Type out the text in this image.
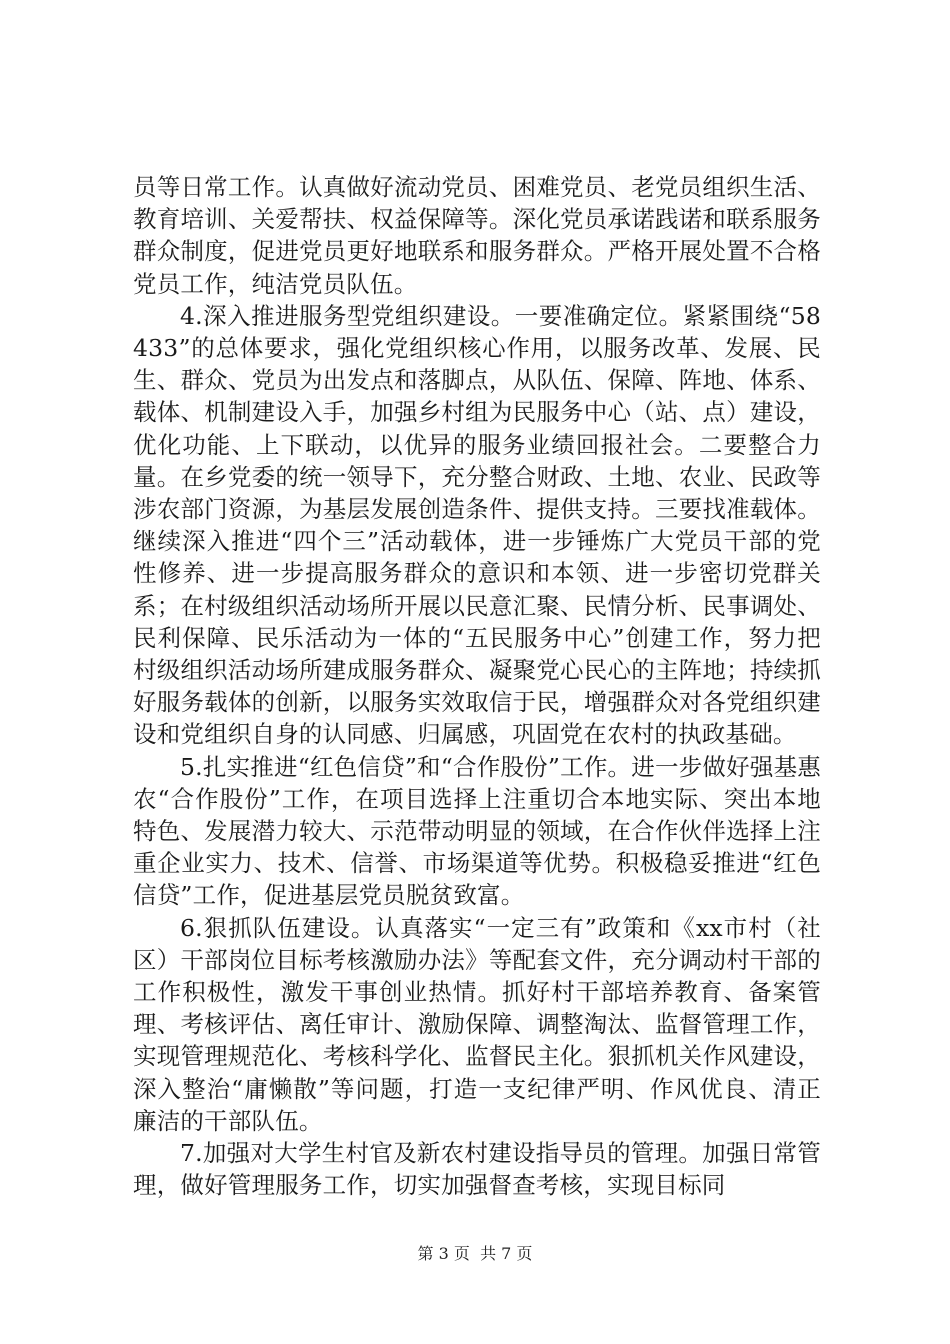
员等日常工作。认真做好流动党员、困难党员、老党员组织生活、教育培训、关爱帮扶、权益保障等。深化党员承诺践诺和联系服务群众制度，促进党员更好地联系和服务群众。严格开展处置不合格党员工作，纯洁党员队伍。

4.深入推进服务型党组织建设。一要准确定位。紧紧围绕“58433”的总体要求，强化党组织核心作用，以服务改革、发展、民生、群众、党员为出发点和落脚点，从队伍、保障、阵地、体系、载体、机制建设入手，加强乡村组为民服务中心（站、点）建设，优化功能、上下联动，以优异的服务业绩回报社会。二要整合力量。在乡党委的统一领导下，充分整合财政、土地、农业、民政等涉农部门资源，为基层发展创造条件、提供支持。三要找准载体。继续深入推进“四个三”活动载体，进一步锤炼广大党员干部的党性修养、进一步提高服务群众的意识和本领、进一步密切党群关系；在村级组织活动场所开展以民意汇聚、民情分析、民事调处、民利保障、民乐活动为一体的“五民服务中心”创建工作，努力把村级组织活动场所建成服务群众、凝聚党心民心的主阵地；持续抓好服务载体的创新，以服务实效取信于民，增强群众对各党组织建设和党组织自身的认同感、归属感，巩固党在农村的执政基础。

5.扎实推进“红色信贷”和“合作股份”工作。进一步做好强基惠农“合作股份”工作，在项目选择上注重切合本地实际、突出本地特色、发展潜力较大、示范带动明显的领域，在合作伙伴选择上注重企业实力、技术、信誉、市场渠道等优势。积极稳妥推进“红色信贷”工作，促进基层党员脱贫致富。

6.狠抓队伍建设。认真落实“一定三有”政策和《xx市村（社区）干部岗位目标考核激励办法》等配套文件，充分调动村干部的工作积极性，激发干事创业热情。抓好村干部培养教育、备案管理、考核评估、离任审计、激励保障、调整淘汰、监督管理工作，实现管理规范化、考核科学化、监督民主化。狠抓机关作风建设，深入整治“庸懒散”等问题，打造一支纪律严明、作风优良、清正廉洁的干部队伍。

7.加强对大学生村官及新农村建设指导员的管理。加强日常管理，做好管理服务工作，切实加强督查考核，实现目标同

第 3 页  共 7 页
